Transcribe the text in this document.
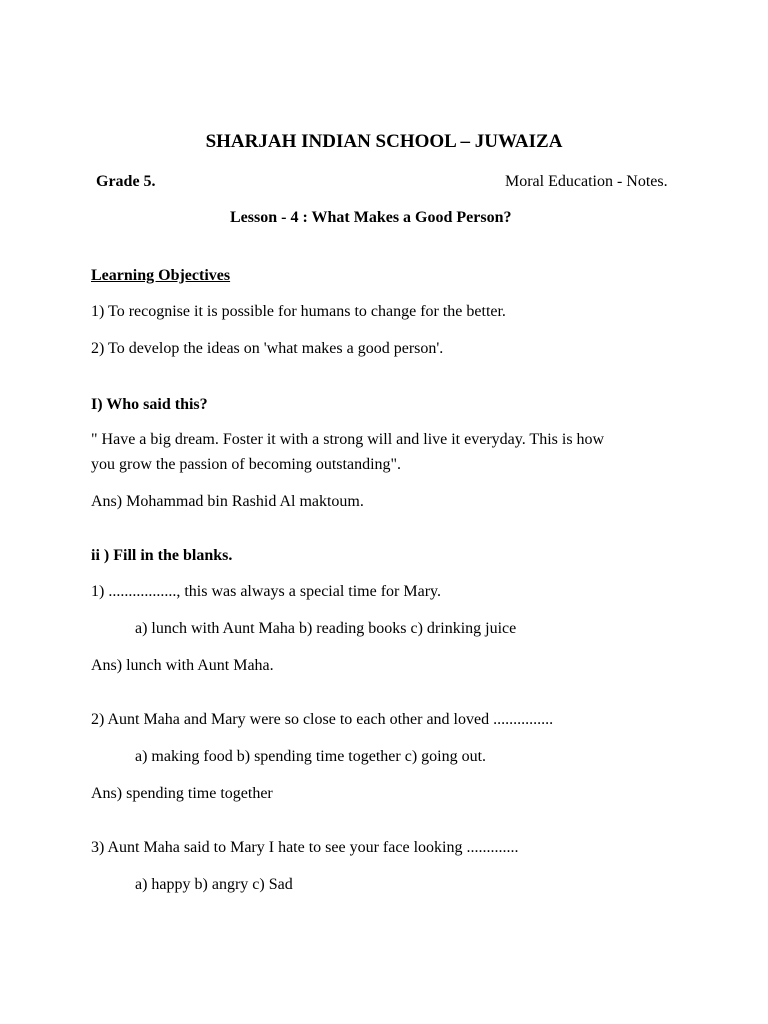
SHARJAH INDIAN SCHOOL – JUWAIZA
Grade 5.	Moral Education - Notes.
Lesson - 4 : What Makes a Good Person?
Learning Objectives
1) To recognise it is possible for humans to change for the better.
2) To develop the ideas on 'what makes a good person'.
I) Who said this?
" Have a big dream. Foster it with a strong will and live it everyday. This is how
you grow the passion of becoming outstanding".
Ans) Mohammad bin Rashid Al maktoum.
ii ) Fill in the blanks.
1) ................., this was always a special time for Mary.
a) lunch with Aunt Maha b) reading books c) drinking juice
Ans) lunch with Aunt Maha.
2) Aunt Maha and Mary were so close to each other and loved ...............
a) making food b) spending time together c) going out.
Ans) spending time together
3) Aunt Maha said to Mary I hate to see your face looking .............
a) happy b) angry c) Sad
